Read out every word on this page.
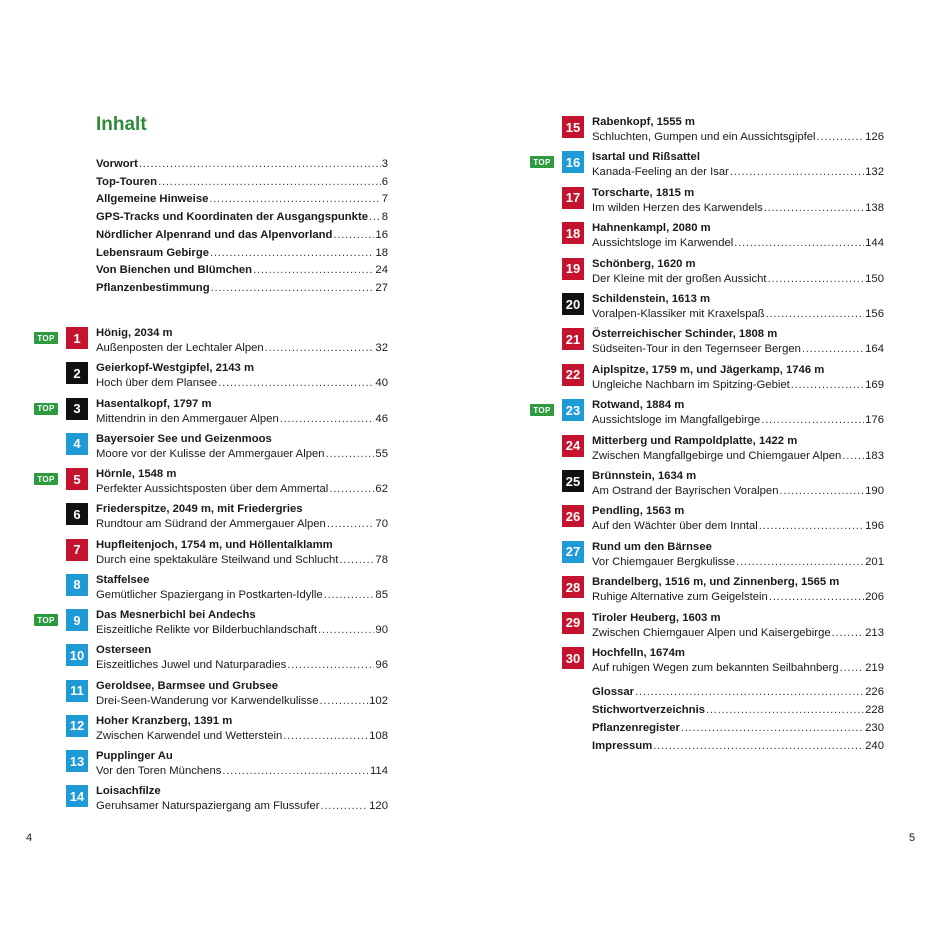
Inhalt
Vorwort . . .	3
Top-Touren . . .	6
Allgemeine Hinweise . . .	7
GPS-Tracks und Koordinaten der Ausgangspunkte . . . 8
Nördlicher Alpenrand und das Alpenvorland . . .	16
Lebensraum Gebirge . . .	18
Von Bienchen und Blümchen . . .	24
Pflanzenbestimmung . . .	27
TOP	1	Hönig, 2034 m
Außenposten der Lechtaler Alpen . . .	32
2	Geierkopf-Westgipfel, 2143 m
Hoch über dem Plansee . . .	40
TOP	3	Hasentalkopf, 1797 m
Mittendrin in den Ammergauer Alpen . . .	46
4	Bayersoier See und Geizenmoos
Moore vor der Kulisse der Ammergauer Alpen . . .	55
TOP	5	Hörnle, 1548 m
Perfekter Aussichtsposten über dem Ammertal . . .	62
6	Friederspitze, 2049 m, mit Friedergries
Rundtour am Südrand der Ammergauer Alpen . . .	70
7	Hupfleitenjoch, 1754 m, und Höllentalklamm
Durch eine spektakuläre Steilwand und Schlucht . . .	78
8	Staffelsee
Gemütlicher Spaziergang in Postkarten-Idylle . . .	85
TOP	9	Das Mesnerbichl bei Andechs
Eiszeitliche Relikte vor Bilderbuchlandschaft . . .	90
10	Osterseen
Eiszeitliches Juwel und Naturparadies . . .	96
11	Geroldsee, Barmsee und Grubsee
Drei-Seen-Wanderung vor Karwendelkulisse . . .	102
12	Hoher Kranzberg, 1391 m
Zwischen Karwendel und Wetterstein . . .	108
13	Pupplinger Au
Vor den Toren Münchens . . .	114
14	Loisachfilze
Geruhsamer Naturspaziergang am Flussufer . . .	120
15	Rabenkopf, 1555 m
Schluchten, Gumpen und ein Aussichtsgipfel . . .	126
TOP 16	Isartal und Rißsattel
Kanada-Feeling an der Isar . . .	132
17	Torscharte, 1815 m
Im wilden Herzen des Karwendels . . .	138
18	Hahnenkampl, 2080 m
Aussichtsloge im Karwendel . . .	144
19	Schönberg, 1620 m
Der Kleine mit der großen Aussicht . . .	150
20	Schildenstein, 1613 m
Voralpen-Klassiker mit Kraxelspaß . . .	156
21	Österreichischer Schinder, 1808 m
Südseiten-Tour in den Tegernseer Bergen . . .	164
22	Aiplspitze, 1759 m, und Jägerkamp, 1746 m
Ungleiche Nachbarn im Spitzing-Gebiet . . .	169
TOP 23	Rotwand, 1884 m
Aussichtsloge im Mangfallgebirge . . .	176
24	Mitterberg und Rampoldplatte, 1422 m
Zwischen Mangfallgebirge und Chiemgauer Alpen . . . 183
25	Brünnstein, 1634 m
Am Ostrand der Bayrischen Voralpen . . .	190
26	Pendling, 1563 m
Auf den Wächter über dem Inntal . . .	196
27	Rund um den Bärnsee
Vor Chiemgauer Bergkulisse . . .	201
28	Brandelberg, 1516 m, und Zinnenberg, 1565 m
Ruhige Alternative zum Geigelstein . . .	206
29	Tiroler Heuberg, 1603 m
Zwischen Chiemgauer Alpen und Kaisergebirge . . .	213
30	Hochfelln, 1674m
Auf ruhigen Wegen zum bekannten Seilbahnberg . . . 219
Glossar . . .	226
Stichwortverzeichnis . . .	228
Pflanzenregister . . .	230
Impressum . . .	240
4	5
